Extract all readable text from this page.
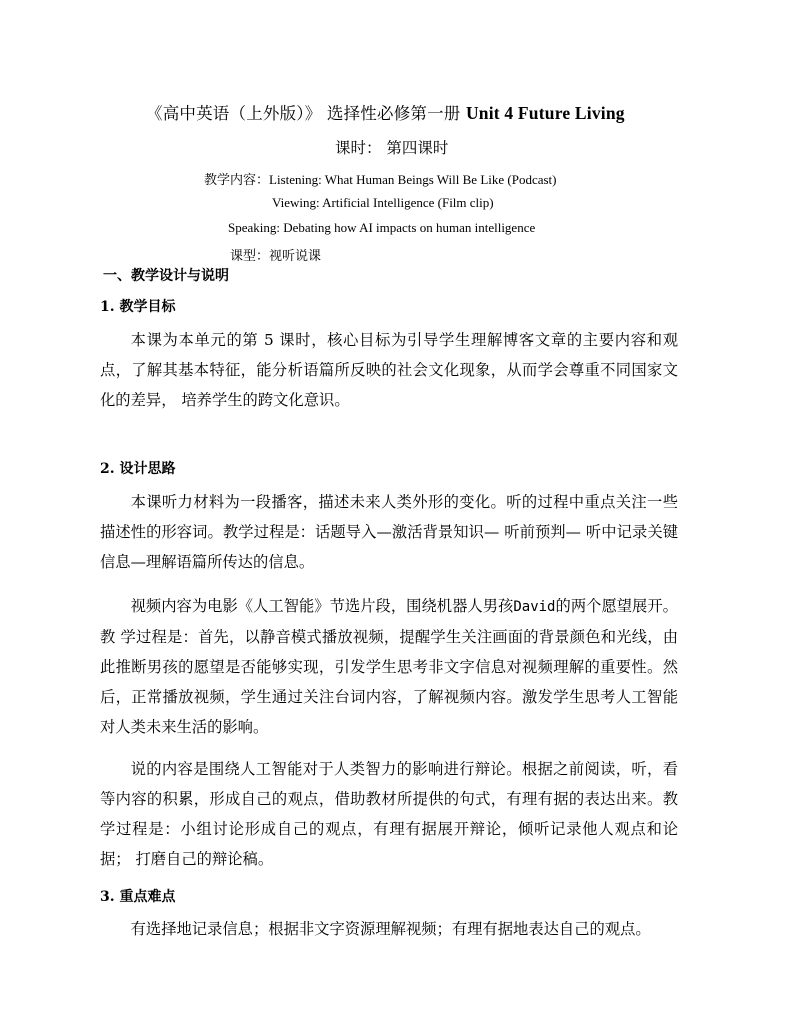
《高中英语（上外版）》 选择性必修第一册 Unit 4 Future Living
课时： 第四课时
教学内容：Listening: What Human Beings Will Be Like (Podcast)
Viewing: Artificial Intelligence (Film clip)
Speaking: Debating how AI impacts on human intelligence
课型：视听说课
一、教学设计与说明
1. 教学目标

本课为本单元的第 5 课时，核心目标为引导学生理解博客文章的主要内容和观点，了解其基本特征，能分析语篇所反映的社会文化现象，从而学会尊重不同国家文化的差异， 培养学生的跨文化意识。

2. 设计思路

本课听力材料为一段播客，描述未来人类外形的变化。听的过程中重点关注一些描述性的形容词。教学过程是：话题导入—激活背景知识— 听前预判— 听中记录关键信息—理解语篇所传达的信息。

视频内容为电影《人工智能》节选片段，围绕机器人男孩David的两个愿望展开。教 学过程是：首先，以静音模式播放视频，提醒学生关注画面的背景颜色和光线，由此推断男孩的愿望是否能够实现，引发学生思考非文字信息对视频理解的重要性。然后，正常播放视频，学生通过关注台词内容，了解视频内容。激发学生思考人工智能对人类未来生活的影响。

说的内容是围绕人工智能对于人类智力的影响进行辩论。根据之前阅读，听，看等内容的积累，形成自己的观点，借助教材所提供的句式，有理有据的表达出来。教学过程是：小组讨论形成自己的观点，有理有据展开辩论，倾听记录他人观点和论据； 打磨自己的辩论稿。

3. 重点难点

有选择地记录信息；根据非文字资源理解视频；有理有据地表达自己的观点。
